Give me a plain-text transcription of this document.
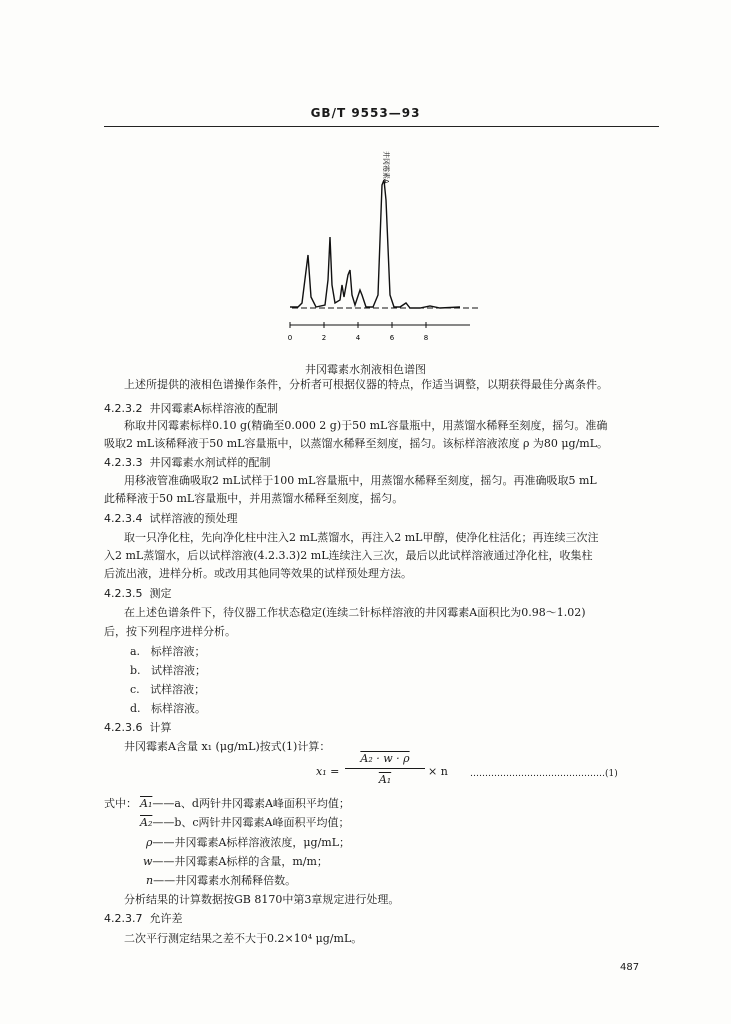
GB/T 9553—93
0	2	4	6	8
井冈霉素A
井冈霉素水剂液相色谱图
上述所提供的液相色谱操作条件，分析者可根据仪器的特点，作适当调整，以期获得最佳分离条件。
4.2.3.2 井冈霉素A标样溶液的配制
称取井冈霉素标样0.10 g(精确至0.000 2 g)于50 mL容量瓶中，用蒸馏水稀释至刻度，摇匀。准确
吸取2 mL该稀释液于50 mL容量瓶中，以蒸馏水稀释至刻度，摇匀。该标样溶液浓度 ρ 为80 μg/mL。
4.2.3.3 井冈霉素水剂试样的配制
用移液管准确吸取2 mL试样于100 mL容量瓶中，用蒸馏水稀释至刻度，摇匀。再准确吸取5 mL
此稀释液于50 mL容量瓶中，并用蒸馏水稀释至刻度，摇匀。
4.2.3.4 试样溶液的预处理
取一只净化柱，先向净化柱中注入2 mL蒸馏水，再注入2 mL甲醇，使净化柱活化；再连续三次注
入2 mL蒸馏水，后以试样溶液(4.2.3.3)2 mL连续注入三次，最后以此试样溶液通过净化柱，收集柱
后流出液，进样分析。或改用其他同等效果的试样预处理方法。
4.2.3.5 测定
在上述色谱条件下，待仪器工作状态稳定(连续二针标样溶液的井冈霉素A面积比为0.98～1.02)
后，按下列程序进样分析。
a. 标样溶液；
b. 试样溶液；
c. 试样溶液；
d. 标样溶液。
4.2.3.6 计算
井冈霉素A含量 x₁ (μg/mL)按式(1)计算：
x₁ =
A₂ · w · ρ
A₁
× n ………………………………………(1)
式中： A₁——a、d两针井冈霉素A峰面积平均值；
A₂——b、c两针井冈霉素A峰面积平均值；
ρ——井冈霉素A标样溶液浓度，μg/mL；
w——井冈霉素A标样的含量，m/m；
n——井冈霉素水剂稀释倍数。
分析结果的计算数据按GB 8170中第3章规定进行处理。
4.2.3.7 允许差
二次平行测定结果之差不大于0.2×10⁴ μg/mL。
487
